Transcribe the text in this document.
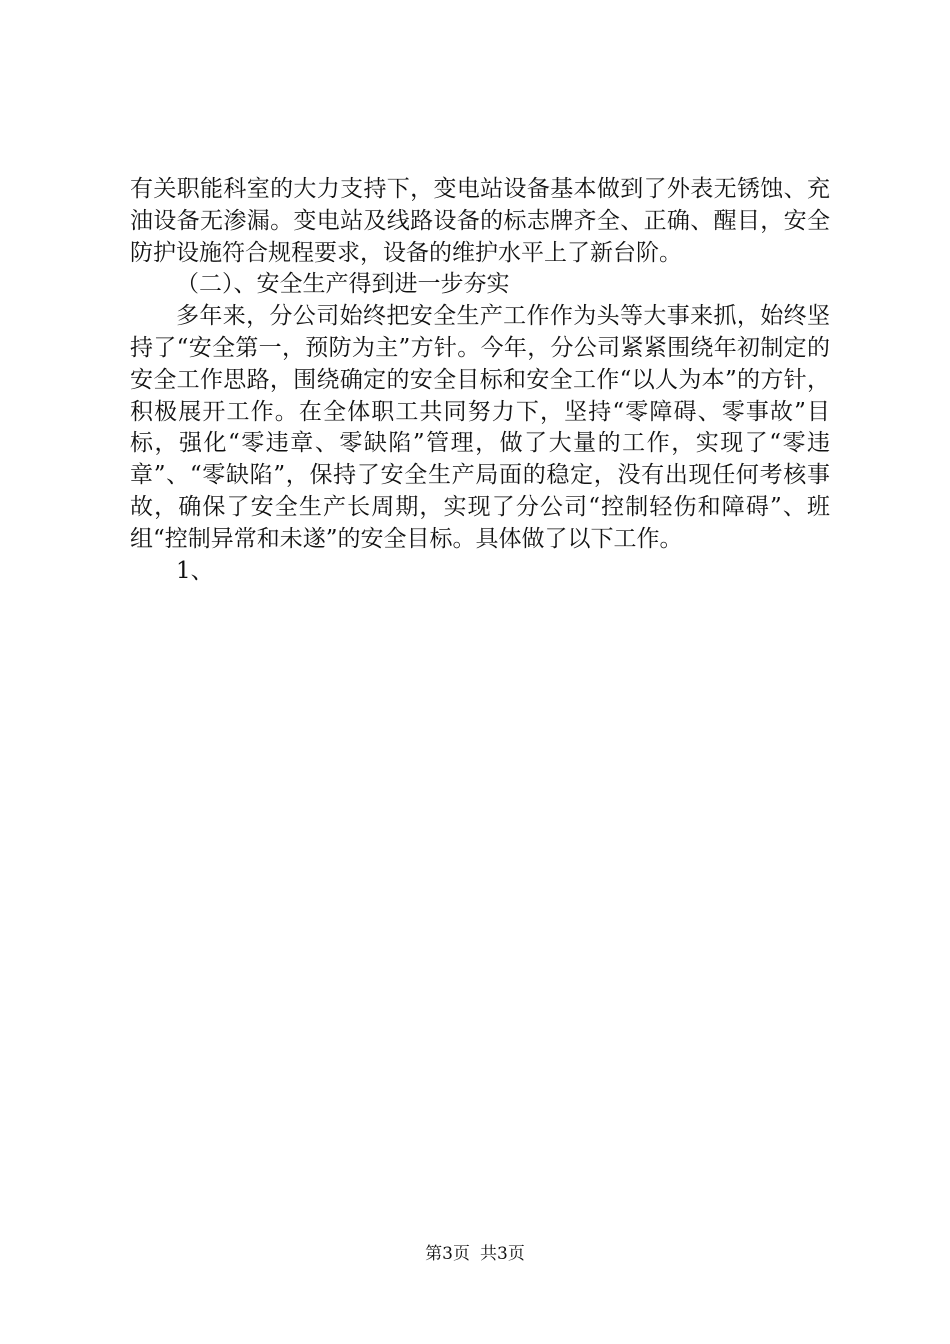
有关职能科室的大力支持下，变电站设备基本做到了外表无锈蚀、充油设备无渗漏。变电站及线路设备的标志牌齐全、正确、醒目，安全防护设施符合规程要求，设备的维护水平上了新台阶。

（二）、安全生产得到进一步夯实

多年来，分公司始终把安全生产工作作为头等大事来抓，始终坚持了“安全第一，预防为主”方针。今年，分公司紧紧围绕年初制定的安全工作思路，围绕确定的安全目标和安全工作“以人为本”的方针，积极展开工作。在全体职工共同努力下，坚持“零障碍、零事故”目标，强化“零违章、零缺陷”管理，做了大量的工作，实现了“零违章”、“零缺陷”，保持了安全生产局面的稳定，没有出现任何考核事故，确保了安全生产长周期，实现了分公司“控制轻伤和障碍”、班组“控制异常和未遂”的安全目标。具体做了以下工作。

1、

第3页 共3页
